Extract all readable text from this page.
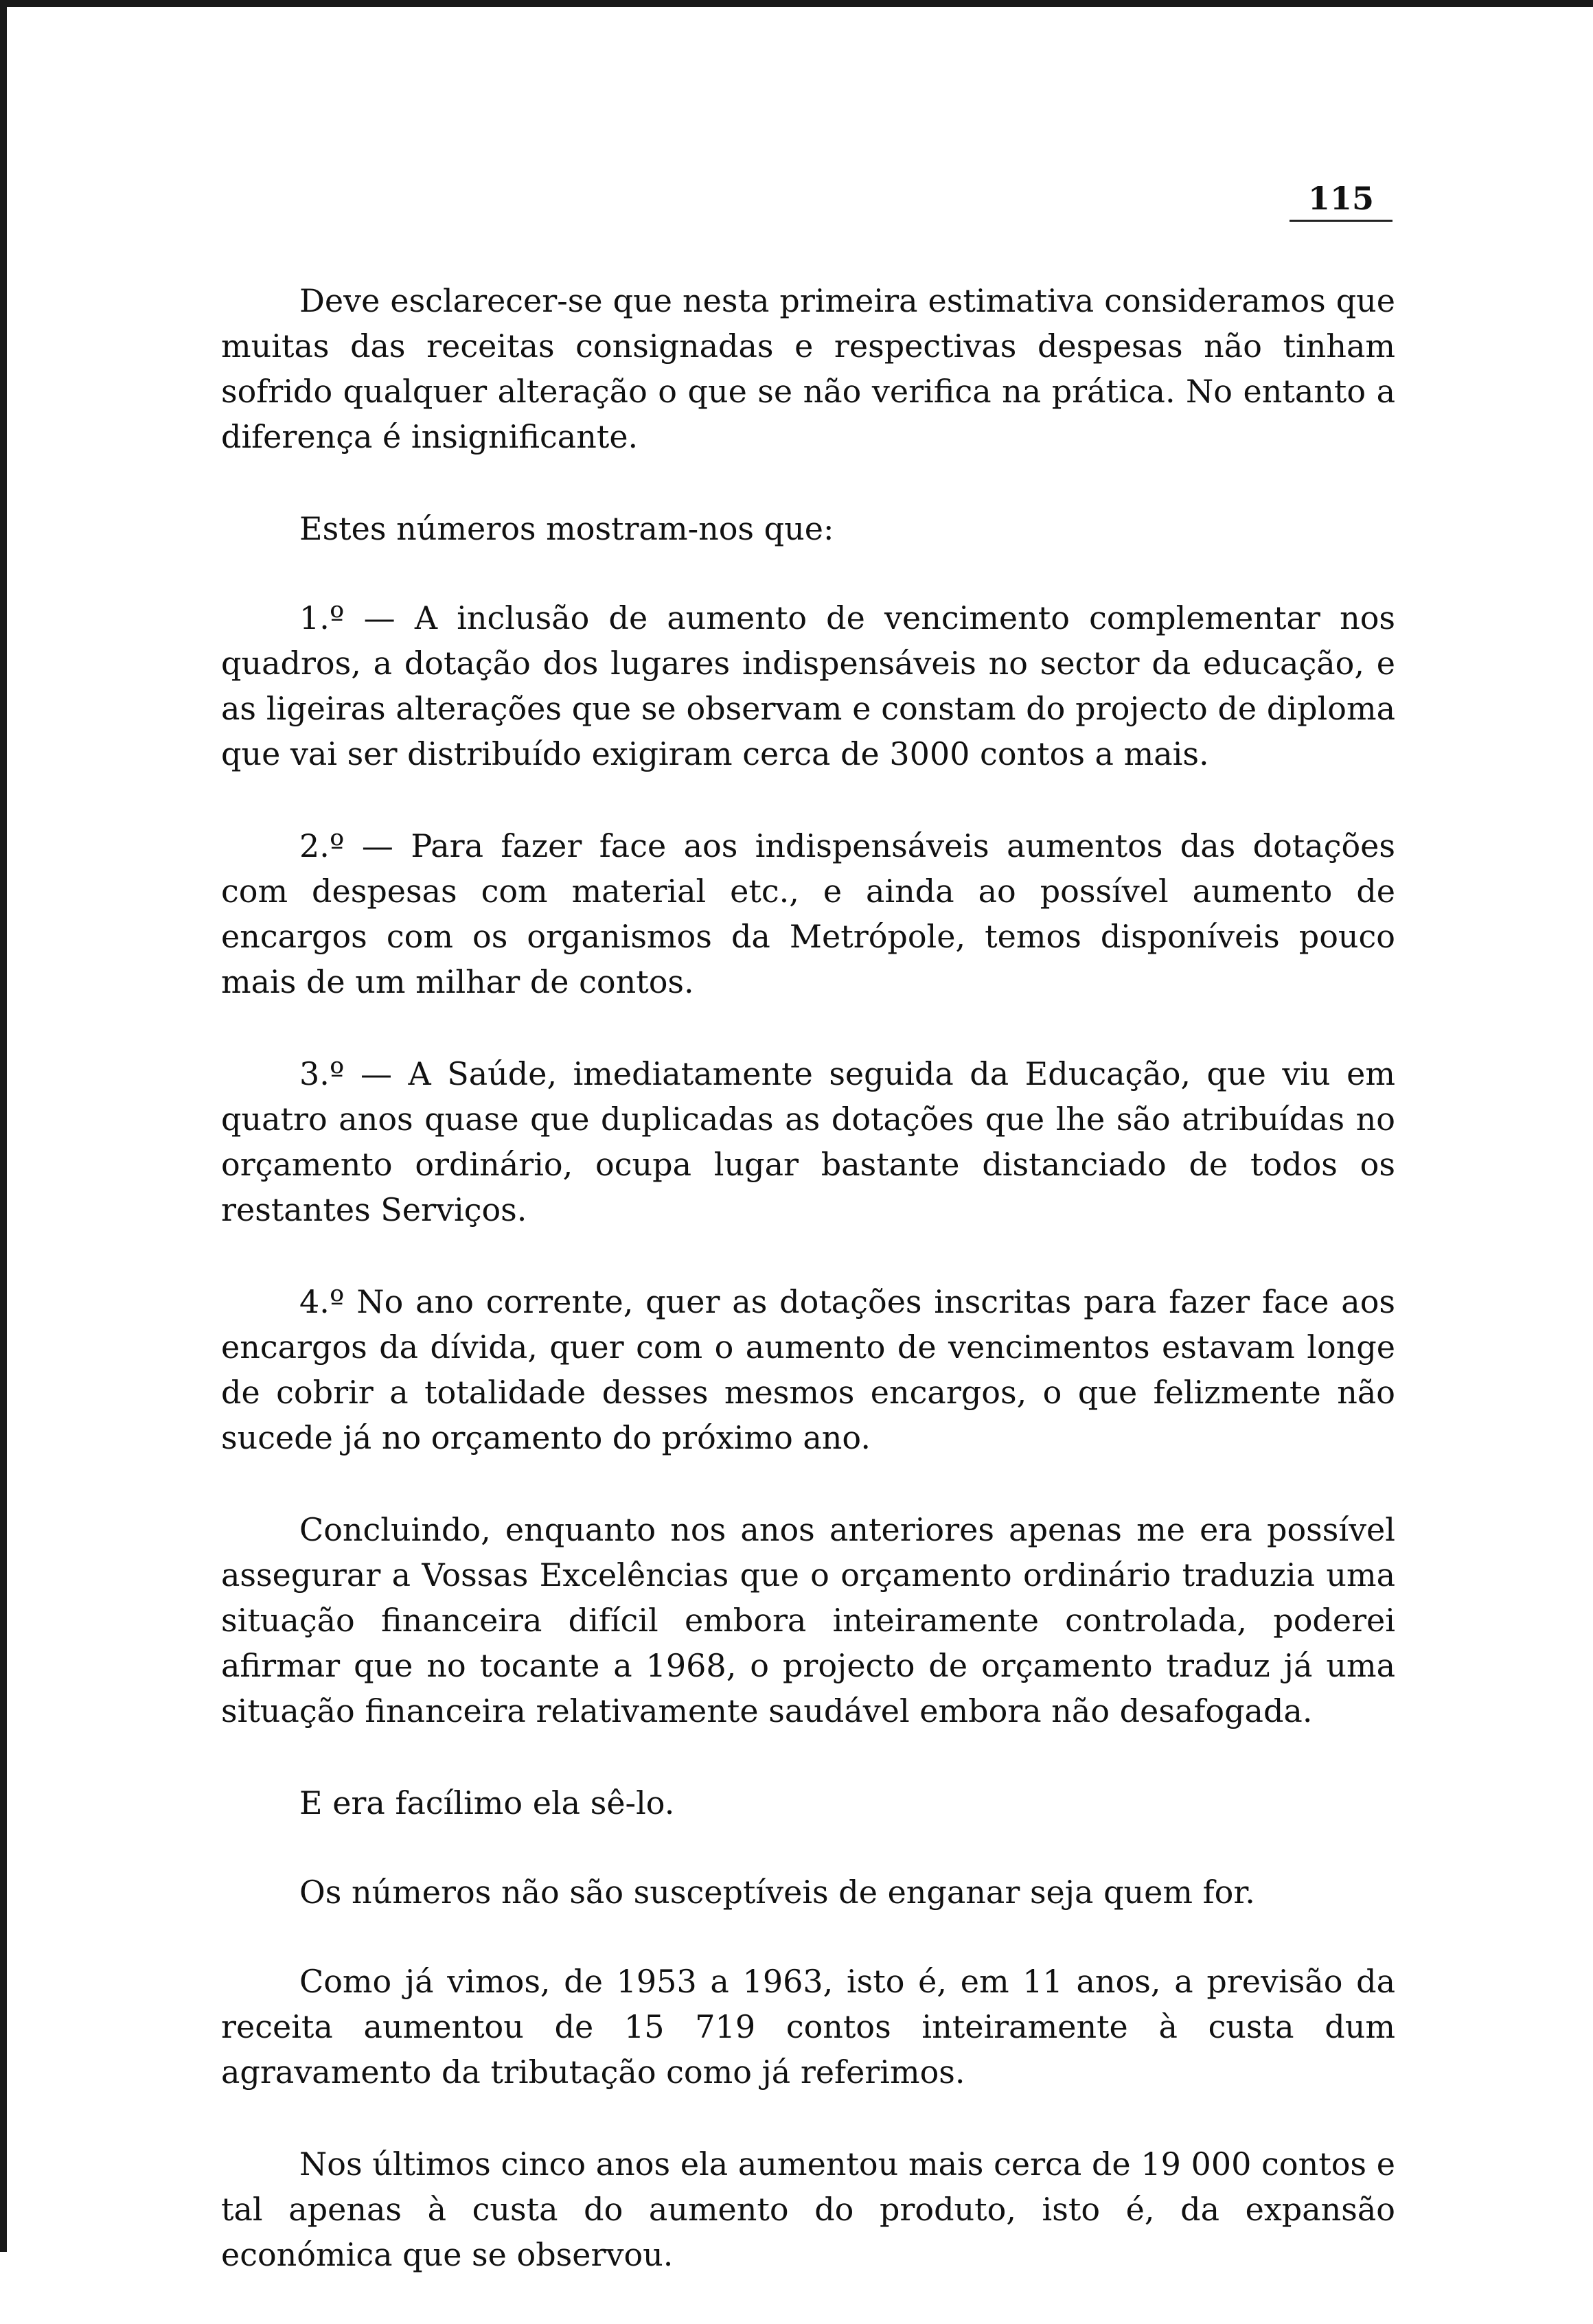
115

Deve esclarecer-se que nesta primeira estimativa consideramos que muitas das receitas consignadas e respectivas despesas não tinham sofrido qualquer alteração o que se não verifica na prática. No entanto a diferença é insignificante.

Estes números mostram-nos que:

1.º — A inclusão de aumento de vencimento complementar nos quadros, a dotação dos lugares indispensáveis no sector da educação, e as ligeiras alterações que se observam e constam do projecto de diploma que vai ser distribuído exigiram cerca de 3000 contos a mais.

2.º — Para fazer face aos indispensáveis aumentos das dotações com despesas com material etc., e ainda ao possível aumento de encargos com os organismos da Metrópole, temos disponíveis pouco mais de um milhar de contos.

3.º — A Saúde, imediatamente seguida da Educação, que viu em quatro anos quase que duplicadas as dotações que lhe são atribuídas no orçamento ordinário, ocupa lugar bastante distanciado de todos os restantes Serviços.

4.º No ano corrente, quer as dotações inscritas para fazer face aos encargos da dívida, quer com o aumento de vencimentos estavam longe de cobrir a totalidade desses mesmos encargos, o que felizmente não sucede já no orçamento do próximo ano.

Concluindo, enquanto nos anos anteriores apenas me era possível assegurar a Vossas Excelências que o orçamento ordinário traduzia uma situação financeira difícil embora inteiramente controlada, poderei afirmar que no tocante a 1968, o projecto de orçamento traduz já uma situação financeira relativamente saudável embora não desafogada.

E era facílimo ela sê-lo.

Os números não são susceptíveis de enganar seja quem for.

Como já vimos, de 1953 a 1963, isto é, em 11 anos, a previsão da receita aumentou de 15 719 contos inteiramente à custa dum agravamento da tributação como já referimos.

Nos últimos cinco anos ela aumentou mais cerca de 19 000 contos e tal apenas à custa do aumento do produto, isto é, da expansão económica que se observou.
